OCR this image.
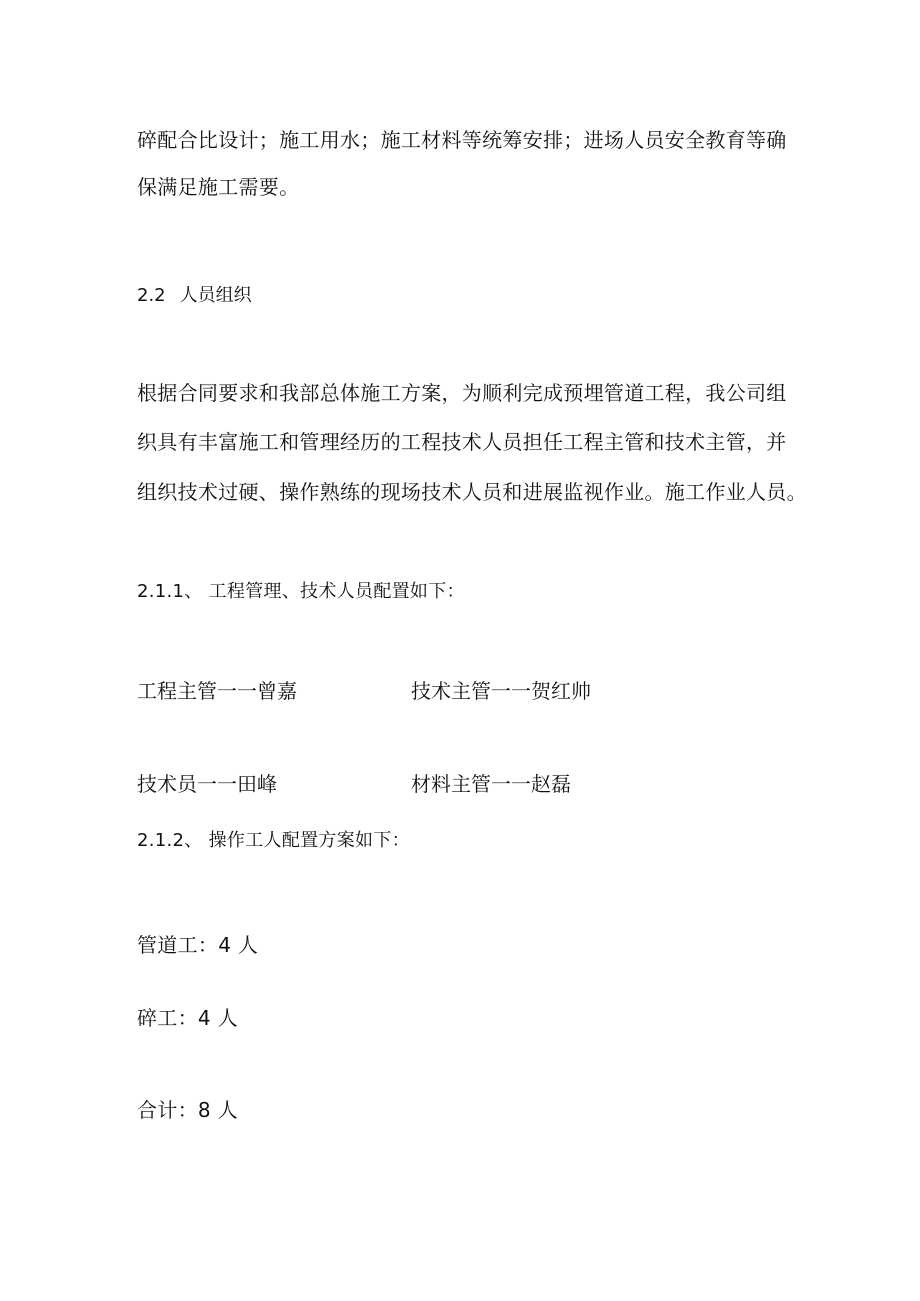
碎配合比设计；施工用水；施工材料等统筹安排；进场人员安全教育等确
保满足施工需要。
2.2 人员组织
根据合同要求和我部总体施工方案，为顺利完成预埋管道工程，我公司组
织具有丰富施工和管理经历的工程技术人员担任工程主管和技术主管，并
组织技术过硬、操作熟练的现场技术人员和进展监视作业。施工作业人员。
2.1.1、 工程管理、技术人员配置如下：
工程主管一一曾嘉	技术主管一一贺红帅
技术员一一田峰	材料主管一一赵磊
2.1.2、 操作工人配置方案如下：
管道工：4 人
碎工：4 人
合计：8 人
